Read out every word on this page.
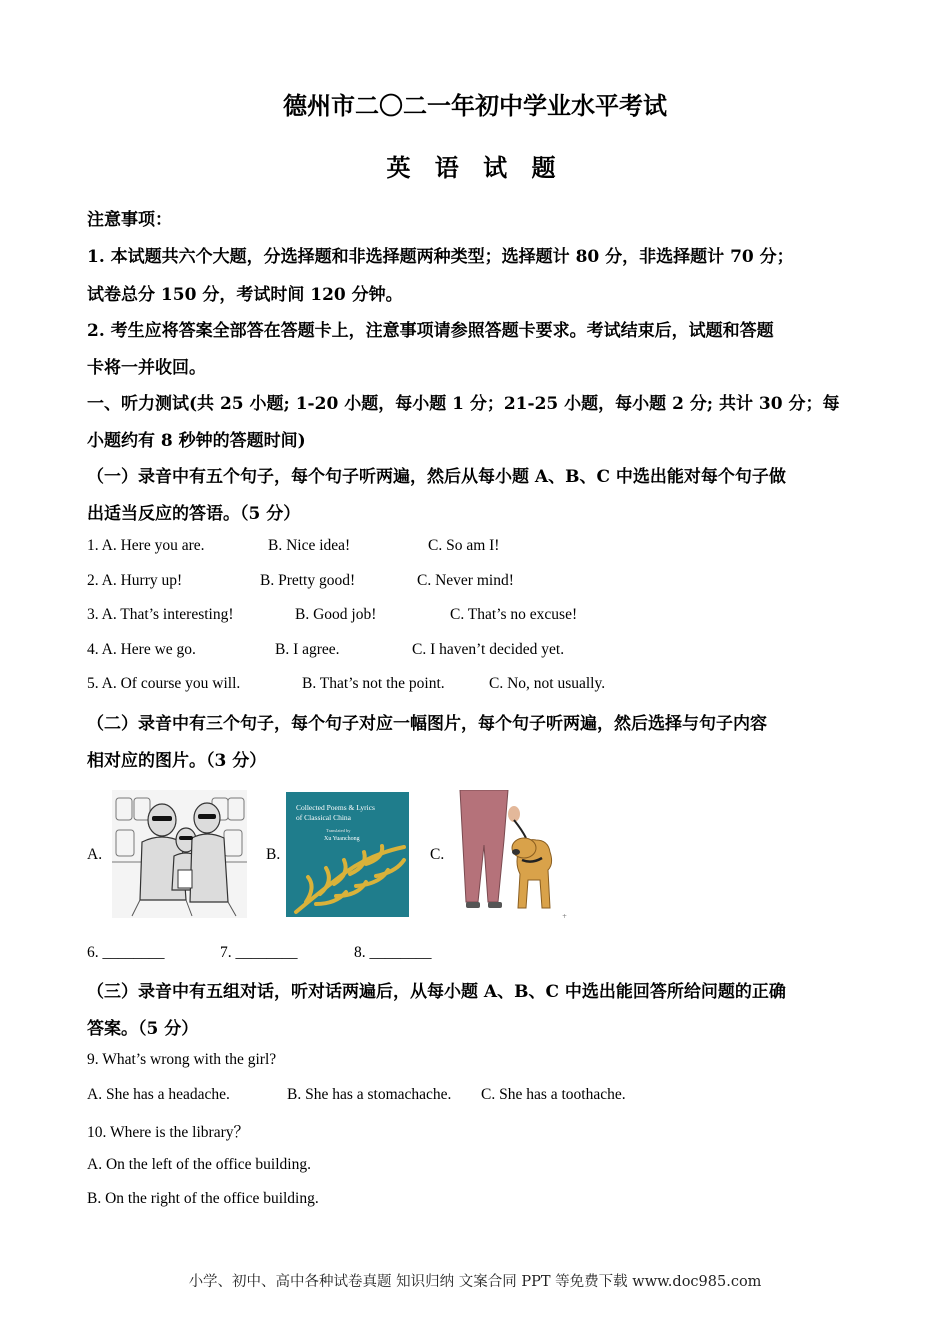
德州市二〇二一年初中学业水平考试
英 语 试 题
注意事项：
1. 本试题共六个大题，分选择题和非选择题两种类型；选择题计 80 分，非选择题计 70 分；
试卷总分 150 分，考试时间 120 分钟。
2. 考生应将答案全部答在答题卡上，注意事项请参照答题卡要求。考试结束后，试题和答题
卡将一并收回。
一、听力测试(共 25 小题; 1-20 小题，每小题 1 分；21-25 小题，每小题 2 分; 共计 30 分；每
小题约有 8 秒钟的答题时间)
（一）录音中有五个句子，每个句子听两遍，然后从每小题 A、B、C 中选出能对每个句子做
出适当反应的答语。（5 分）
1. A. Here you are.	B. Nice idea!	C. So am I!
2. A. Hurry up!	B. Pretty good!	C. Never mind!
3. A. That’s interesting!	B. Good job!	C. That’s no excuse!
4. A. Here we go.	B. I agree.	C. I haven’t decided yet.
5. A. Of course you will.	B. That’s not the point.	C. No, not usually.
（二）录音中有三个句子，每个句子对应一幅图片，每个句子听两遍，然后选择与句子内容
相对应的图片。（3 分）
A.	B.
Collected Poems & Lyrics
of Classical China
Translated by
Xu Yuanchong
C.
+
6. ________	7. ________	8. ________
（三）录音中有五组对话，听对话两遍后，从每小题 A、B、C 中选出能回答所给问题的正确
答案。（5 分）
9. What’s wrong with the girl?
A. She has a headache.	B. She has a stomachache. C. She has a toothache.
10. Where is the library？
A. On the left of the office building.
B. On the right of the office building.
小学、初中、高中各种试卷真题 知识归纳 文案合同 PPT 等免费下载 www.doc985.com
